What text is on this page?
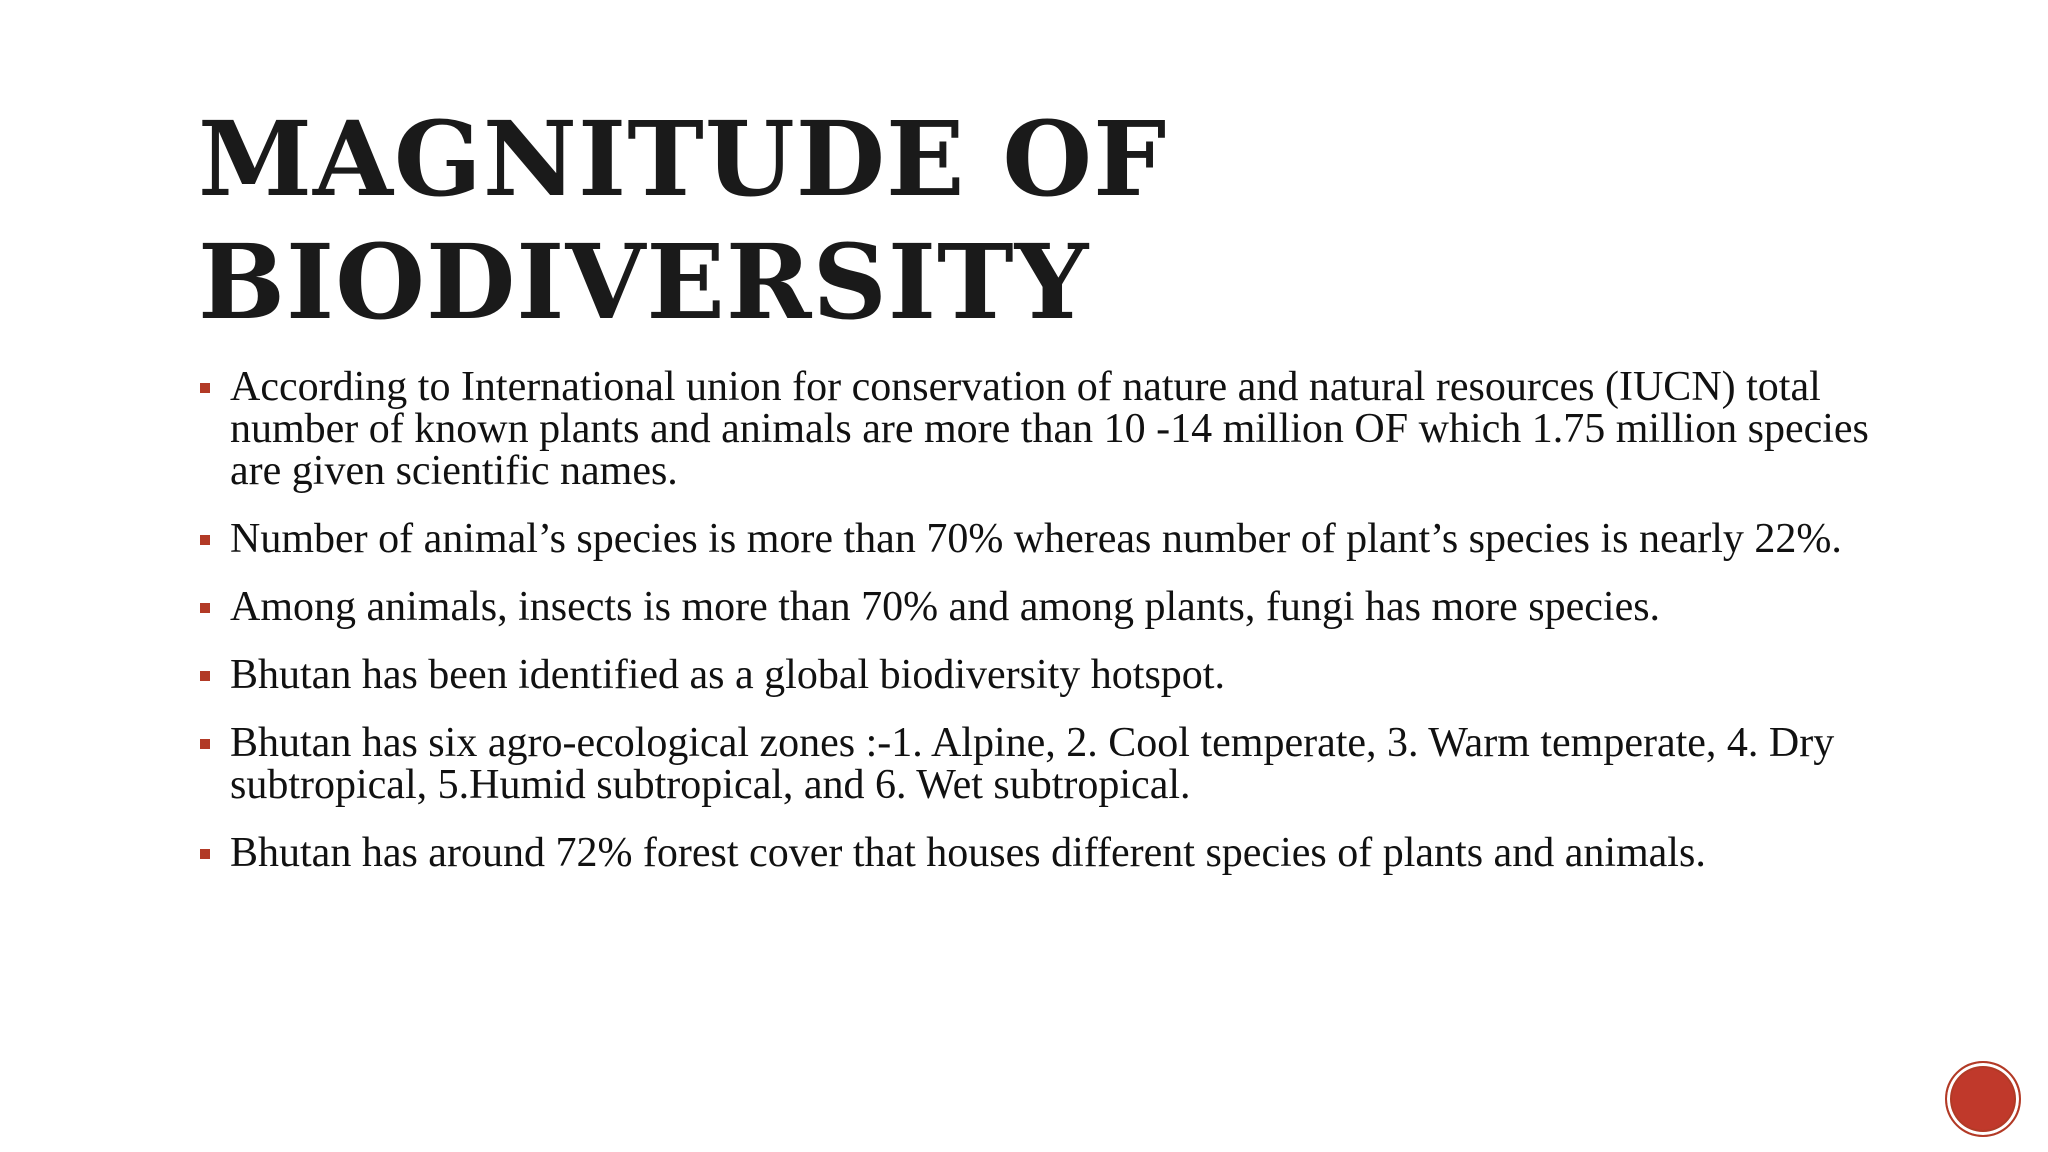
MAGNITUDE OF
BIODIVERSITY
According to International union for conservation of nature and natural resources (IUCN) total number of known plants and animals are more than 10 -14 million OF which 1.75 million species are given scientific names.
Number of animal’s species is more than 70% whereas number of plant’s species is nearly 22%.
Among animals, insects is more than 70% and among plants, fungi has more species.
Bhutan has been identified as a global biodiversity hotspot.
Bhutan has six agro-ecological zones :-1. Alpine, 2. Cool temperate, 3. Warm temperate, 4. Dry subtropical, 5.Humid subtropical, and 6. Wet subtropical.
Bhutan has around 72% forest cover that houses different species of plants and animals.
